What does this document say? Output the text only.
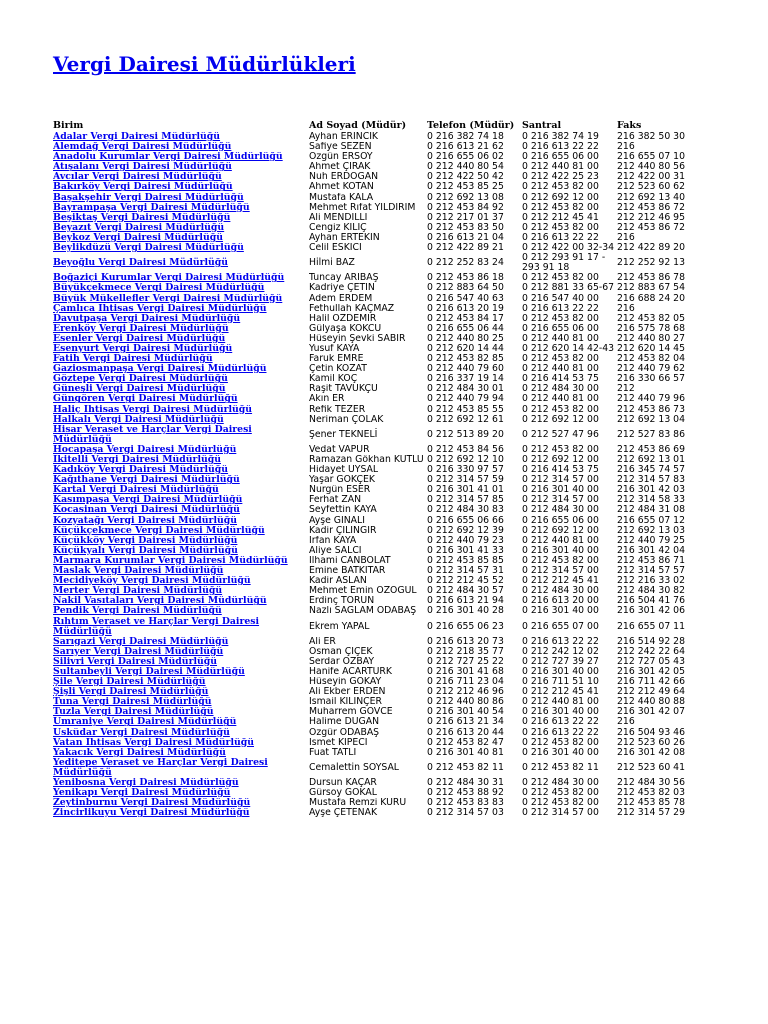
Vergi Dairesi Müdürlükleri
Birim	Ad Soyad (Müdür)	Telefon (Müdür)	Santral	Faks
Adalar Vergi Dairesi Müdürlüğü	Ayhan ERİNCİK	0 216 382 74 18	0 216 382 74 19	216 382 50 30
Alemdağ Vergi Dairesi Müdürlüğü	Safiye SEZEN	0 216 613 21 62	0 216 613 22 22	216
Anadolu Kurumlar Vergi Dairesi Müdürlüğü	Özgün ERSOY	0 216 655 06 02	0 216 655 06 00	216 655 07 10
Atışalanı Vergi Dairesi Müdürlüğü	Ahmet ÇIRAK	0 212 440 80 54	0 212 440 81 00	212 440 80 56
Avcılar Vergi Dairesi Müdürlüğü	Nuh ERDOĞAN	0 212 422 50 42	0 212 422 25 23	212 422 00 31
Bakırköy Vergi Dairesi Müdürlüğü	Ahmet KOTAN	0 212 453 85 25	0 212 453 82 00	212 523 60 62
Başakşehir Vergi Dairesi Müdürlüğü	Mustafa KALA	0 212 692 13 08	0 212 692 12 00	212 692 13 40
Bayrampaşa Vergi Dairesi Müdürlüğü	Mehmet Rıfat YILDIRIM	0 212 453 84 92	0 212 453 82 00	212 453 86 72
Beşiktaş Vergi Dairesi Müdürlüğü	Ali MENDİLLİ	0 212 217 01 37	0 212 212 45 41	212 212 46 95
Beyazıt Vergi Dairesi Müdürlüğü	Cengiz KILIÇ	0 212 453 83 50	0 212 453 82 00	212 453 86 72
Beykoz Vergi Dairesi Müdürlüğü	Ayhan ERTEKİN	0 216 613 21 04	0 216 613 22 22	216
Beylikdüzü Vergi Dairesi Müdürlüğü	Celil ESKİCİ	0 212 422 89 21	0 212 422 00 32-34	212 422 89 20
Beyoğlu Vergi Dairesi Müdürlüğü	Hilmi BAZ	0 212 252 83 24	0 212 293 91 17 - 293 91 18	212 252 92 13
Boğaziçi Kurumlar Vergi Dairesi Müdürlüğü	Tuncay ARIBAŞ	0 212 453 86 18	0 212 453 82 00	212 453 86 78
Büyükçekmece Vergi Dairesi Müdürlüğü	Kadriye ÇETİN	0 212 883 64 50	0 212 881 33 65-67	212 883 67 54
Büyük Mükellefler Vergi Dairesi Müdürlüğü	Adem ERDEM	0 216 547 40 63	0 216 547 40 00	216 688 24 20
Çamlıca İhtisas Vergi Dairesi Müdürlüğü	Fethullah KAÇMAZ	0 216 613 20 19	0 216 613 22 22	216
Davutpaşa Vergi Dairesi Müdürlüğü	Halil ÖZDEMİR	0 212 453 84 17	0 212 453 82 00	212 453 82 05
Erenköy Vergi Dairesi Müdürlüğü	Gülyaşa KÖKCÜ	0 216 655 06 44	0 216 655 06 00	216 575 78 68
Esenler Vergi Dairesi Müdürlüğü	Hüseyin Şevki SABIR	0 212 440 80 25	0 212 440 81 00	212 440 80 27
Esenyurt Vergi Dairesi Müdürlüğü	Yusuf KAYA	0 212 620 14 44	0 212 620 14 42-43	212 620 14 45
Fatih Vergi Dairesi Müdürlüğü	Faruk EMRE	0 212 453 82 85	0 212 453 82 00	212 453 82 04
Gaziosmanpaşa Vergi Dairesi Müdürlüğü	Çetin KOZAT	0 212 440 79 60	0 212 440 81 00	212 440 79 62
Göztepe Vergi Dairesi Müdürlüğü	Kamil KOÇ	0 216 337 19 14	0 216 414 53 75	216 330 66 57
Güneşli Vergi Dairesi Müdürlüğü	Raşit TAVUKÇU	0 212 484 30 01	0 212 484 30 00	212
Güngören Vergi Dairesi Müdürlüğü	Akın ER	0 212 440 79 94	0 212 440 81 00	212 440 79 96
Haliç İhtisas Vergi Dairesi Müdürlüğü	Refik TEZER	0 212 453 85 55	0 212 453 82 00	212 453 86 73
Halkalı Vergi Dairesi Müdürlüğü	Neriman ÇOLAK	0 212 692 12 61	0 212 692 12 00	212 692 13 04
Hisar Veraset ve Harçlar Vergi Dairesi Müdürlüğü	Şener TEKNELİ	0 212 513 89 20	0 212 527 47 96	212 527 83 86
Hocapaşa Vergi Dairesi Müdürlüğü	Vedat VAPUR	0 212 453 84 56	0 212 453 82 00	212 453 86 69
İkitelli Vergi Dairesi Müdürlüğü	Ramazan Gökhan KUTLU	0 212 692 12 10	0 212 692 12 00	212 692 13 01
Kadıköy Vergi Dairesi Müdürlüğü	Hidayet UYSAL	0 216 330 97 57	0 216 414 53 75	216 345 74 57
Kağıthane Vergi Dairesi Müdürlüğü	Yaşar GÖKÇEK	0 212 314 57 59	0 212 314 57 00	212 314 57 83
Kartal Vergi Dairesi Müdürlüğü	Nurgün ESER	0 216 301 41 01	0 216 301 40 00	216 301 42 03
Kasımpaşa Vergi Dairesi Müdürlüğü	Ferhat ZAN	0 212 314 57 85	0 212 314 57 00	212 314 58 33
Kocasinan Vergi Dairesi Müdürlüğü	Seyfettin KAYA	0 212 484 30 83	0 212 484 30 00	212 484 31 08
Kozyatağı Vergi Dairesi Müdürlüğü	Ayşe GINALI	0 216 655 06 66	0 216 655 06 00	216 655 07 12
Küçükçekmece Vergi Dairesi Müdürlüğü	Kadir ÇİLİNGİR	0 212 692 12 39	0 212 692 12 00	212 692 13 03
Küçükköy Vergi Dairesi Müdürlüğü	İrfan KAYA	0 212 440 79 23	0 212 440 81 00	212 440 79 25
Küçükyalı Vergi Dairesi Müdürlüğü	Aliye SALCI	0 216 301 41 33	0 216 301 40 00	216 301 42 04
Marmara Kurumlar Vergi Dairesi Müdürlüğü	İlhami CANBOLAT	0 212 453 85 85	0 212 453 82 00	212 453 86 71
Maslak Vergi Dairesi Müdürlüğü	Emine BATKİTAR	0 212 314 57 31	0 212 314 57 00	212 314 57 57
Mecidiyeköy Vergi Dairesi Müdürlüğü	Kadir ASLAN	0 212 212 45 52	0 212 212 45 41	212 216 33 02
Merter Vergi Dairesi Müdürlüğü	Mehmet Emin ÖZOĞUL	0 212 484 30 57	0 212 484 30 00	212 484 30 82
Nakil Vasıtaları Vergi Dairesi Müdürlüğü	Erdinç TORUN	0 216 613 21 94	0 216 613 20 00	216 504 41 76
Pendik Vergi Dairesi Müdürlüğü	Nazlı SAĞLAM ODABAŞ	0 216 301 40 28	0 216 301 40 00	216 301 42 06
Rıhtım Veraset ve Harçlar Vergi Dairesi Müdürlüğü	Ekrem YAPAL	0 216 655 06 23	0 216 655 07 00	216 655 07 11
Sarıgazi Vergi Dairesi Müdürlüğü	Ali ER	0 216 613 20 73	0 216 613 22 22	216 514 92 28
Sarıyer Vergi Dairesi Müdürlüğü	Osman ÇİÇEK	0 212 218 35 77	0 212 242 12 02	212 242 22 64
Silivri Vergi Dairesi Müdürlüğü	Serdar ÖZBAY	0 212 727 25 22	0 212 727 39 27	212 727 05 43
Sultanbeyli Vergi Dairesi Müdürlüğü	Hanife ACARTÜRK	0 216 301 41 68	0 216 301 40 00	216 301 42 05
Şile Vergi Dairesi Müdürlüğü	Hüseyin GÖKAY	0 216 711 23 04	0 216 711 51 10	216 711 42 66
Şişli Vergi Dairesi Müdürlüğü	Ali Ekber ERDEN	0 212 212 46 96	0 212 212 45 41	212 212 49 64
Tuna Vergi Dairesi Müdürlüğü	İsmail KILINÇER	0 212 440 80 86	0 212 440 81 00	212 440 80 88
Tuzla Vergi Dairesi Müdürlüğü	Muharrem GÖVCE	0 216 301 40 54	0 216 301 40 00	216 301 42 07
Ümraniye Vergi Dairesi Müdürlüğü	Halime DUĞAN	0 216 613 21 34	0 216 613 22 22	216
Üsküdar Vergi Dairesi Müdürlüğü	Özgür ODABAŞ	0 216 613 20 44	0 216 613 22 22	216 504 93 46
Vatan İhtisas Vergi Dairesi Müdürlüğü	İsmet KİPECİ	0 212 453 82 47	0 212 453 82 00	212 523 60 26
Yakacık Vergi Dairesi Müdürlüğü	Fuat TATLI	0 216 301 40 81	0 216 301 40 00	216 301 42 08
Yeditepe Veraset ve Harçlar Vergi Dairesi Müdürlüğü	Cemalettin SOYSAL	0 212 453 82 11	0 212 453 82 11	212 523 60 41
Yenibosna Vergi Dairesi Müdürlüğü	Dursun KAÇAR	0 212 484 30 31	0 212 484 30 00	212 484 30 56
Yenikapı Vergi Dairesi Müdürlüğü	Gürsoy GÖKAL	0 212 453 88 92	0 212 453 82 00	212 453 82 03
Zeytinburnu Vergi Dairesi Müdürlüğü	Mustafa Remzi KURU	0 212 453 83 83	0 212 453 82 00	212 453 85 78
Zincirlikuyu Vergi Dairesi Müdürlüğü	Ayşe ÇETENAK	0 212 314 57 03	0 212 314 57 00	212 314 57 29
